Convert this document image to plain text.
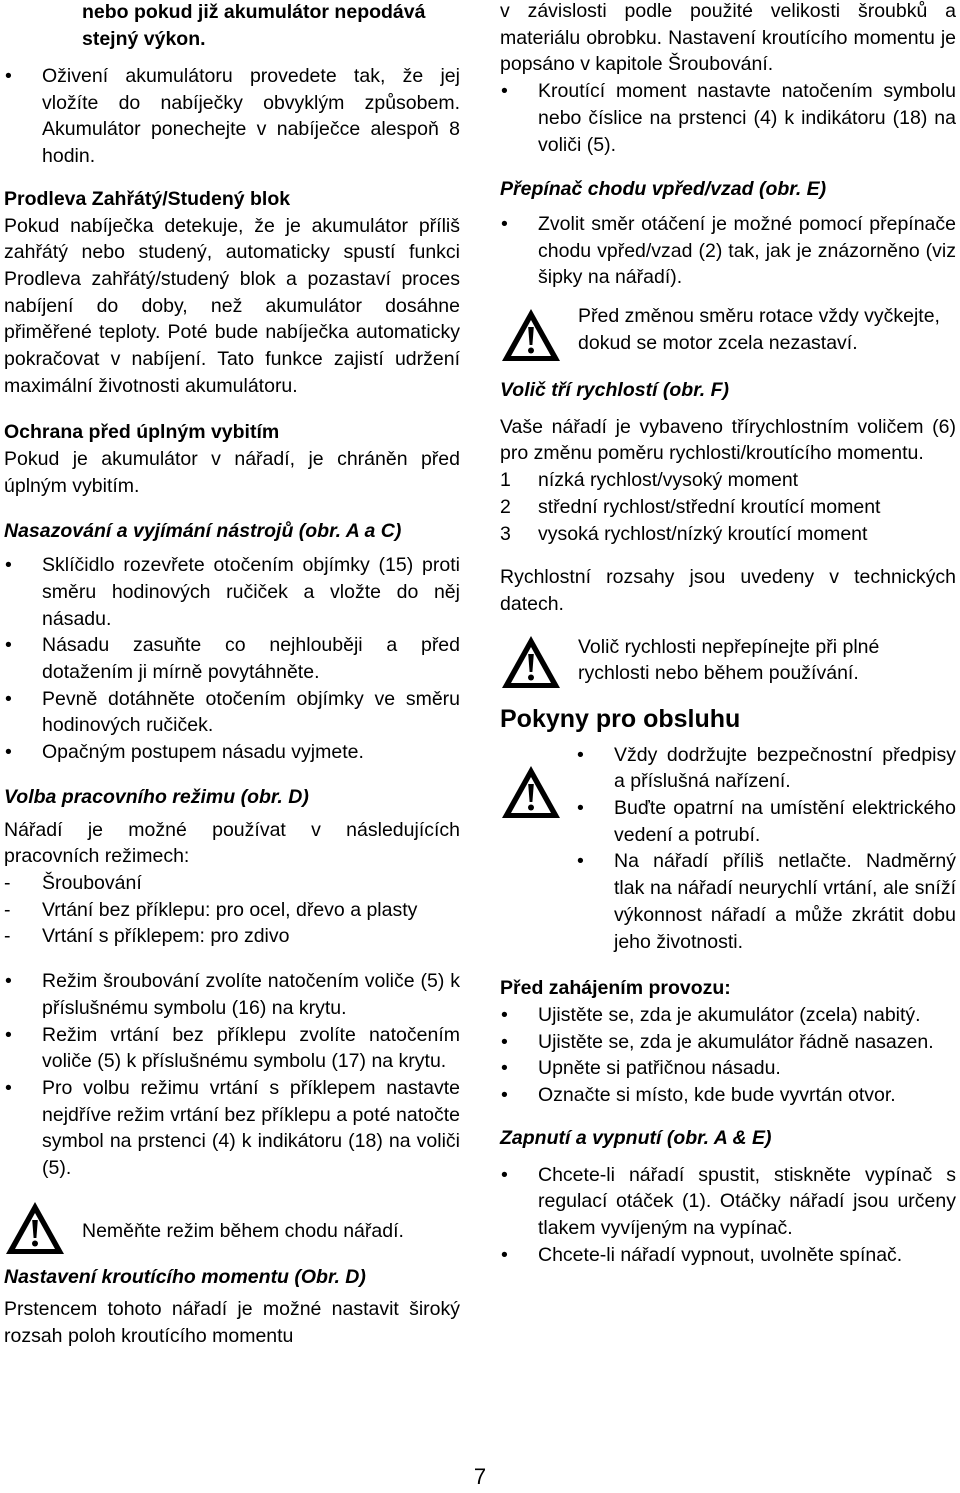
nebo pokud již akumulátor nepodává stejný výkon.
• Oživení akumulátoru provedete tak, že jej vložíte do nabíječky obvyklým způsobem. Akumulátor ponechejte v nabíječce alespoň 8 hodin.
Prodleva Zahřátý/Studený blok
Pokud nabíječka detekuje, že je akumulátor příliš zahřátý nebo studený, automaticky spustí funkci Prodleva zahřátý/studený blok a pozastaví proces nabíjení do doby, než akumulátor dosáhne přiměřené teploty. Poté bude nabíječka automaticky pokračovat v nabíjení. Tato funkce zajistí udržení maximální životnosti akumulátoru.
Ochrana před úplným vybitím
Pokud je akumulátor v nářadí, je chráněn před úplným vybitím.
Nasazování a vyjímání nástrojů (obr. A a C)
• Sklíčidlo rozevřete otočením objímky (15) proti směru hodinových ručiček a vložte do něj násadu.
• Násadu zasuňte co nejhlouběji a před dotažením ji mírně povytáhněte.
• Pevně dotáhněte otočením objímky ve směru hodinových ručiček.
• Opačným postupem násadu vyjmete.
Volba pracovního režimu (obr. D)
Nářadí je možné používat v následujících pracovních režimech:
- Šroubování
- Vrtání bez příklepu: pro ocel, dřevo a plasty
- Vrtání s příklepem: pro zdivo
• Režim šroubování zvolíte natočením voliče (5) k příslušnému symbolu (16) na krytu.
• Režim vrtání bez příklepu zvolíte natočením voliče (5) k příslušnému symbolu (17) na krytu.
• Pro volbu režimu vrtání s příklepem nastavte nejdříve režim vrtání bez příklepu a poté natočte symbol na prstenci (4) k indikátoru (18) na voliči (5).
Neměňte režim během chodu nářadí.
Nastavení kroutícího momentu (Obr. D)
Prstencem tohoto nářadí je možné nastavit široký rozsah poloh kroutícího momentu
v závislosti podle použité velikosti šroubků a materiálu obrobku. Nastavení kroutícího momentu je popsáno v kapitole Šroubování.
• Kroutící moment nastavte natočením symbolu nebo číslice na prstenci (4) k indikátoru (18) na voliči (5).
Přepínač chodu vpřed/vzad (obr. E)
• Zvolit směr otáčení je možné pomocí přepínače chodu vpřed/vzad (2) tak, jak je znázorněno (viz šipky na nářadí).
Před změnou směru rotace vždy vyčkejte, dokud se motor zcela nezastaví.
Volič tří rychlostí (obr. F)
Vaše nářadí je vybaveno třírychlostním voličem (6) pro změnu poměru rychlosti/kroutícího momentu.
1 nízká rychlost/vysoký moment
2 střední rychlost/střední kroutící moment
3 vysoká rychlost/nízký kroutící moment
Rychlostní rozsahy jsou uvedeny v technických datech.
Volič rychlosti nepřepínejte při plné rychlosti nebo během používání.
Pokyny pro obsluhu
• Vždy dodržujte bezpečnostní předpisy a příslušná nařízení.
• Buďte opatrní na umístění elektrického vedení a potrubí.
• Na nářadí příliš netlačte. Nadměrný tlak na nářadí neurychlí vrtání, ale sníží výkonnost nářadí a může zkrátit dobu jeho životnosti.
Před zahájením provozu:
• Ujistěte se, zda je akumulátor (zcela) nabitý.
• Ujistěte se, zda je akumulátor řádně nasazen.
• Upněte si patřičnou násadu.
• Označte si místo, kde bude vyvrtán otvor.
Zapnutí a vypnutí (obr. A & E)
• Chcete-li nářadí spustit, stiskněte vypínač s regulací otáček (1). Otáčky nářadí jsou určeny tlakem vyvíjeným na vypínač.
• Chcete-li nářadí vypnout, uvolněte spínač.
7
